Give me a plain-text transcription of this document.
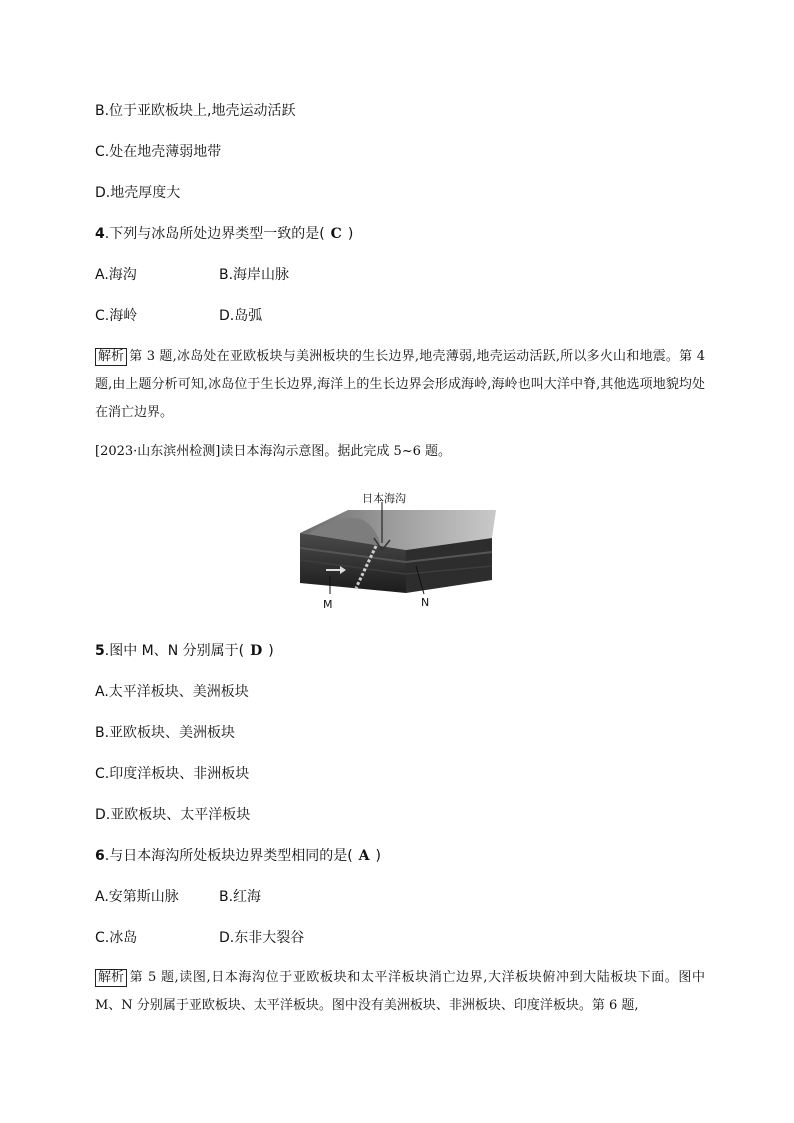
B.位于亚欧板块上,地壳运动活跃
C.处在地壳薄弱地带
D.地壳厚度大
4.下列与冰岛所处边界类型一致的是( C )
A.海沟	B.海岸山脉
C.海岭	D.岛弧
解析 第 3 题,冰岛处在亚欧板块与美洲板块的生长边界,地壳薄弱,地壳运动活跃,所以多火山和地震。第 4 题,由上题分析可知,冰岛位于生长边界,海洋上的生长边界会形成海岭,海岭也叫大洋中脊,其他选项地貌均处在消亡边界。
[2023·山东滨州检测]读日本海沟示意图。据此完成 5~6 题。
日本海沟
M	N
5.图中 M、N 分别属于( D )
A.太平洋板块、美洲板块
B.亚欧板块、美洲板块
C.印度洋板块、非洲板块
D.亚欧板块、太平洋板块
6.与日本海沟所处板块边界类型相同的是( A )
A.安第斯山脉	B.红海
C.冰岛	D.东非大裂谷
解析 第 5 题,读图,日本海沟位于亚欧板块和太平洋板块消亡边界,大洋板块俯冲到大陆板块下面。图中 M、N 分别属于亚欧板块、太平洋板块。图中没有美洲板块、非洲板块、印度洋板块。第 6 题,
